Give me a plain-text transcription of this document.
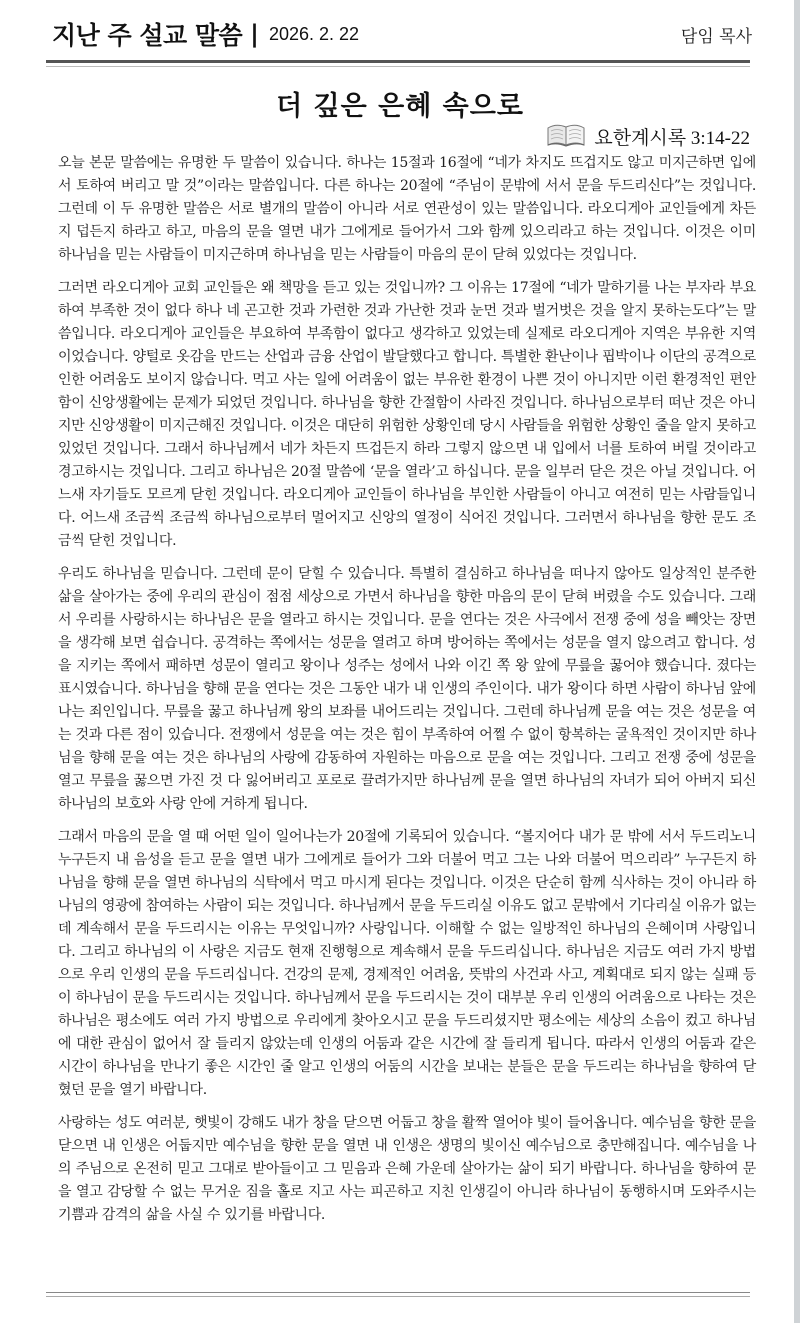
지난 주 설교 말씀 | 2026. 2. 22	담임 목사
더 깊은 은혜 속으로
요한계시록 3:14-22

오늘 본문 말씀에는 유명한 두 말씀이 있습니다. 하나는 15절과 16절에 “네가 차지도 뜨겁지도 않고 미지근하면 입에서 토하여 버리고 말 것”이라는 말씀입니다. 다른 하나는 20절에 “주님이 문밖에 서서 문을 두드리신다”는 것입니다. 그런데 이 두 유명한 말씀은 서로 별개의 말씀이 아니라 서로 연관성이 있는 말씀입니다. 라오디게아 교인들에게 차든지 덥든지 하라고 하고, 마음의 문을 열면 내가 그에게로 들어가서 그와 함께 있으리라고 하는 것입니다. 이것은 이미 하나님을 믿는 사람들이 미지근하며 하나님을 믿는 사람들이 마음의 문이 닫혀 있었다는 것입니다.

그러면 라오디게아 교회 교인들은 왜 책망을 듣고 있는 것입니까? 그 이유는 17절에 “네가 말하기를 나는 부자라 부요하여 부족한 것이 없다 하나 네 곤고한 것과 가련한 것과 가난한 것과 눈먼 것과 벌거벗은 것을 알지 못하는도다”는 말씀입니다. 라오디게아 교인들은 부요하여 부족함이 없다고 생각하고 있었는데 실제로 라오디게아 지역은 부유한 지역이었습니다. 양털로 옷감을 만드는 산업과 금융 산업이 발달했다고 합니다. 특별한 환난이나 핍박이나 이단의 공격으로 인한 어려움도 보이지 않습니다. 먹고 사는 일에 어려움이 없는 부유한 환경이 나쁜 것이 아니지만 이런 환경적인 편안함이 신앙생활에는 문제가 되었던 것입니다. 하나님을 향한 간절함이 사라진 것입니다. 하나님으로부터 떠난 것은 아니지만 신앙생활이 미지근해진 것입니다. 이것은 대단히 위험한 상황인데 당시 사람들을 위험한 상황인 줄을 알지 못하고 있었던 것입니다. 그래서 하나님께서 네가 차든지 뜨겁든지 하라 그렇지 않으면 내 입에서 너를 토하여 버릴 것이라고 경고하시는 것입니다. 그리고 하나님은 20절 말씀에 ‘문을 열라’고 하십니다. 문을 일부러 닫은 것은 아닐 것입니다. 어느새 자기들도 모르게 닫힌 것입니다. 라오디게아 교인들이 하나님을 부인한 사람들이 아니고 여전히 믿는 사람들입니다. 어느새 조금씩 조금씩 하나님으로부터 멀어지고 신앙의 열정이 식어진 것입니다. 그러면서 하나님을 향한 문도 조금씩 닫힌 것입니다.

우리도 하나님을 믿습니다. 그런데 문이 닫힐 수 있습니다. 특별히 결심하고 하나님을 떠나지 않아도 일상적인 분주한 삶을 살아가는 중에 우리의 관심이 점점 세상으로 가면서 하나님을 향한 마음의 문이 닫혀 버렸을 수도 있습니다. 그래서 우리를 사랑하시는 하나님은 문을 열라고 하시는 것입니다. 문을 연다는 것은 사극에서 전쟁 중에 성을 빼앗는 장면을 생각해 보면 쉽습니다. 공격하는 쪽에서는 성문을 열려고 하며 방어하는 쪽에서는 성문을 열지 않으려고 합니다. 성을 지키는 쪽에서 패하면 성문이 열리고 왕이나 성주는 성에서 나와 이긴 쪽 왕 앞에 무릎을 꿇어야 했습니다. 졌다는 표시였습니다. 하나님을 향해 문을 연다는 것은 그동안 내가 내 인생의 주인이다. 내가 왕이다 하면 사람이 하나님 앞에 나는 죄인입니다. 무릎을 꿇고 하나님께 왕의 보좌를 내어드리는 것입니다. 그런데 하나님께 문을 여는 것은 성문을 여는 것과 다른 점이 있습니다. 전쟁에서 성문을 여는 것은 힘이 부족하여 어쩔 수 없이 항복하는 굴욕적인 것이지만 하나님을 향해 문을 여는 것은 하나님의 사랑에 감동하여 자원하는 마음으로 문을 여는 것입니다. 그리고 전쟁 중에 성문을 열고 무릎을 꿇으면 가진 것 다 잃어버리고 포로로 끌려가지만 하나님께 문을 열면 하나님의 자녀가 되어 아버지 되신 하나님의 보호와 사랑 안에 거하게 됩니다.

그래서 마음의 문을 열 때 어떤 일이 일어나는가 20절에 기록되어 있습니다. “볼지어다 내가 문 밖에 서서 두드리노니 누구든지 내 음성을 듣고 문을 열면 내가 그에게로 들어가 그와 더불어 먹고 그는 나와 더불어 먹으리라” 누구든지 하나님을 향해 문을 열면 하나님의 식탁에서 먹고 마시게 된다는 것입니다. 이것은 단순히 함께 식사하는 것이 아니라 하나님의 영광에 참여하는 사람이 되는 것입니다. 하나님께서 문을 두드리실 이유도 없고 문밖에서 기다리실 이유가 없는데 계속해서 문을 두드리시는 이유는 무엇입니까? 사랑입니다. 이해할 수 없는 일방적인 하나님의 은혜이며 사랑입니다. 그리고 하나님의 이 사랑은 지금도 현재 진행형으로 계속해서 문을 두드리십니다. 하나님은 지금도 여러 가지 방법으로 우리 인생의 문을 두드리십니다. 건강의 문제, 경제적인 어려움, 뜻밖의 사건과 사고, 계획대로 되지 않는 실패 등이 하나님이 문을 두드리시는 것입니다. 하나님께서 문을 두드리시는 것이 대부분 우리 인생의 어려움으로 나타는 것은 하나님은 평소에도 여러 가지 방법으로 우리에게 찾아오시고 문을 두드리셨지만 평소에는 세상의 소음이 컸고 하나님에 대한 관심이 없어서 잘 들리지 않았는데 인생의 어둠과 같은 시간에 잘 들리게 됩니다. 따라서 인생의 어둠과 같은 시간이 하나님을 만나기 좋은 시간인 줄 알고 인생의 어둠의 시간을 보내는 분들은 문을 두드리는 하나님을 향하여 닫혔던 문을 열기 바랍니다.

사랑하는 성도 여러분, 햇빛이 강해도 내가 창을 닫으면 어둡고 창을 활짝 열어야 빛이 들어옵니다. 예수님을 향한 문을 닫으면 내 인생은 어둡지만 예수님을 향한 문을 열면 내 인생은 생명의 빛이신 예수님으로 충만해집니다. 예수님을 나의 주님으로 온전히 믿고 그대로 받아들이고 그 믿음과 은혜 가운데 살아가는 삶이 되기 바랍니다. 하나님을 향하여 문을 열고 감당할 수 없는 무거운 짐을 홀로 지고 사는 피곤하고 지친 인생길이 아니라 하나님이 동행하시며 도와주시는 기쁨과 감격의 삶을 사실 수 있기를 바랍니다.
